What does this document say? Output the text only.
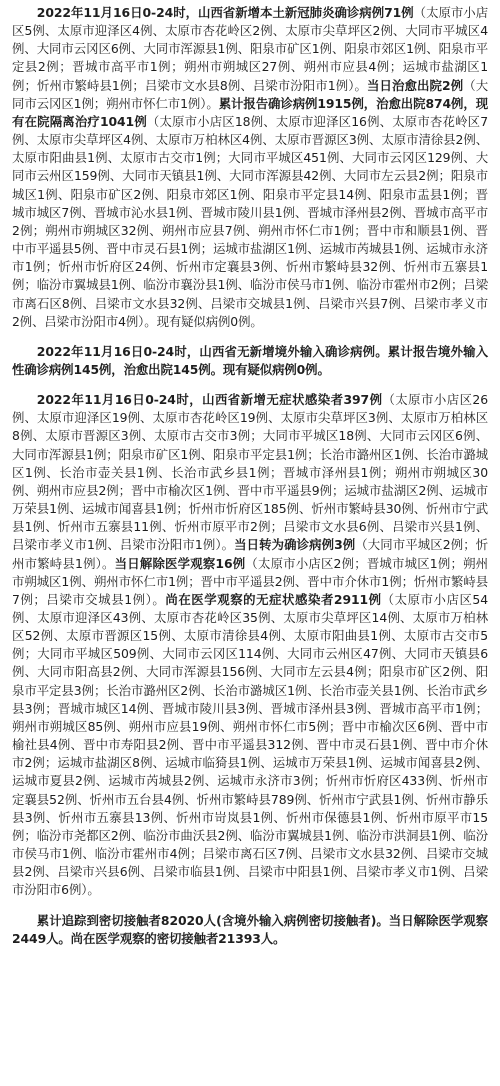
2022年11月16日0-24时，山西省新增本土新冠肺炎确诊病例71例（太原市小店区5例、太原市迎泽区4例、太原市杏花岭区2例、太原市尖草坪区2例、大同市平城区4例、大同市云冈区6例、大同市浑源县1例、阳泉市矿区1例、阳泉市郊区1例、阳泉市平定县2例；晋城市高平市1例；朔州市朔城区27例、朔州市应县4例；运城市盐湖区1例；忻州市繁峙县1例；吕梁市文水县8例、吕梁市汾阳市1例）。当日治愈出院2例（大同市云冈区1例；朔州市怀仁市1例）。累计报告确诊病例1915例，治愈出院874例，现有在院隔离治疗1041例（太原市小店区18例、太原市迎泽区16例、太原市杏花岭区7例、太原市尖草坪区4例、太原市万柏林区4例、太原市晋源区3例、太原市清徐县2例、太原市阳曲县1例、太原市古交市1例；大同市平城区451例、大同市云冈区129例、大同市云州区159例、大同市天镇县1例、大同市浑源县42例、大同市左云县2例；阳泉市城区1例、阳泉市矿区2例、阳泉市郊区1例、阳泉市平定县14例、阳泉市盂县1例；晋城市城区7例、晋城市沁水县1例、晋城市陵川县1例、晋城市泽州县2例、晋城市高平市2例；朔州市朔城区32例、朔州市应县7例、朔州市怀仁市1例；晋中市和顺县1例、晋中市平遥县5例、晋中市灵石县1例；运城市盐湖区1例、运城市芮城县1例、运城市永济市1例；忻州市忻府区24例、忻州市定襄县3例、忻州市繁峙县32例、忻州市五寨县1例；临汾市翼城县1例、临汾市襄汾县1例、临汾市侯马市1例、临汾市霍州市2例；吕梁市离石区8例、吕梁市文水县32例、吕梁市交城县1例、吕梁市兴县7例、吕梁市孝义市2例、吕梁市汾阳市4例）。现有疑似病例0例。

2022年11月16日0-24时，山西省无新增境外输入确诊病例。累计报告境外输入性确诊病例145例，治愈出院145例。现有疑似病例0例。

2022年11月16日0-24时，山西省新增无症状感染者397例（太原市小店区26例、太原市迎泽区19例、太原市杏花岭区19例、太原市尖草坪区3例、太原市万柏林区8例、太原市晋源区3例、太原市古交市3例；大同市平城区18例、大同市云冈区6例、大同市浑源县1例；阳泉市矿区1例、阳泉市平定县1例；长治市潞州区1例、长治市潞城区1例、长治市壶关县1例、长治市武乡县1例；晋城市泽州县1例；朔州市朔城区30例、朔州市应县2例；晋中市榆次区1例、晋中市平遥县9例；运城市盐湖区2例、运城市万荣县1例、运城市闻喜县1例；忻州市忻府区185例、忻州市繁峙县30例、忻州市宁武县1例、忻州市五寨县11例、忻州市原平市2例；吕梁市文水县6例、吕梁市兴县1例、吕梁市孝义市1例、吕梁市汾阳市1例）。当日转为确诊病例3例（大同市平城区2例；忻州市繁峙县1例）。当日解除医学观察16例（太原市小店区2例；晋城市城区1例；朔州市朔城区1例、朔州市怀仁市1例；晋中市平遥县2例、晋中市介休市1例；忻州市繁峙县7例；吕梁市交城县1例）。尚在医学观察的无症状感染者2911例（太原市小店区54例、太原市迎泽区43例、太原市杏花岭区35例、太原市尖草坪区14例、太原市万柏林区52例、太原市晋源区15例、太原市清徐县4例、太原市阳曲县1例、太原市古交市5例；大同市平城区509例、大同市云冈区114例、大同市云州区47例、大同市天镇县6例、大同市阳高县2例、大同市浑源县156例、大同市左云县4例；阳泉市矿区2例、阳泉市平定县3例；长治市潞州区2例、长治市潞城区1例、长治市壶关县1例、长治市武乡县3例；晋城市城区14例、晋城市陵川县3例、晋城市泽州县3例、晋城市高平市1例；朔州市朔城区85例、朔州市应县19例、朔州市怀仁市5例；晋中市榆次区6例、晋中市榆社县4例、晋中市寿阳县2例、晋中市平遥县312例、晋中市灵石县1例、晋中市介休市2例；运城市盐湖区8例、运城市临猗县1例、运城市万荣县1例、运城市闻喜县2例、运城市夏县2例、运城市芮城县2例、运城市永济市3例；忻州市忻府区433例、忻州市定襄县52例、忻州市五台县4例、忻州市繁峙县789例、忻州市宁武县1例、忻州市静乐县3例、忻州市五寨县13例、忻州市岢岚县1例、忻州市保德县1例、忻州市原平市15例；临汾市尧都区2例、临汾市曲沃县2例、临汾市翼城县1例、临汾市洪洞县1例、临汾市侯马市1例、临汾市霍州市4例；吕梁市离石区7例、吕梁市文水县32例、吕梁市交城县2例、吕梁市兴县6例、吕梁市临县1例、吕梁市中阳县1例、吕梁市孝义市1例、吕梁市汾阳市6例）。

累计追踪到密切接触者82020人(含境外输入病例密切接触者)。当日解除医学观察2449人。尚在医学观察的密切接触者21393人。
